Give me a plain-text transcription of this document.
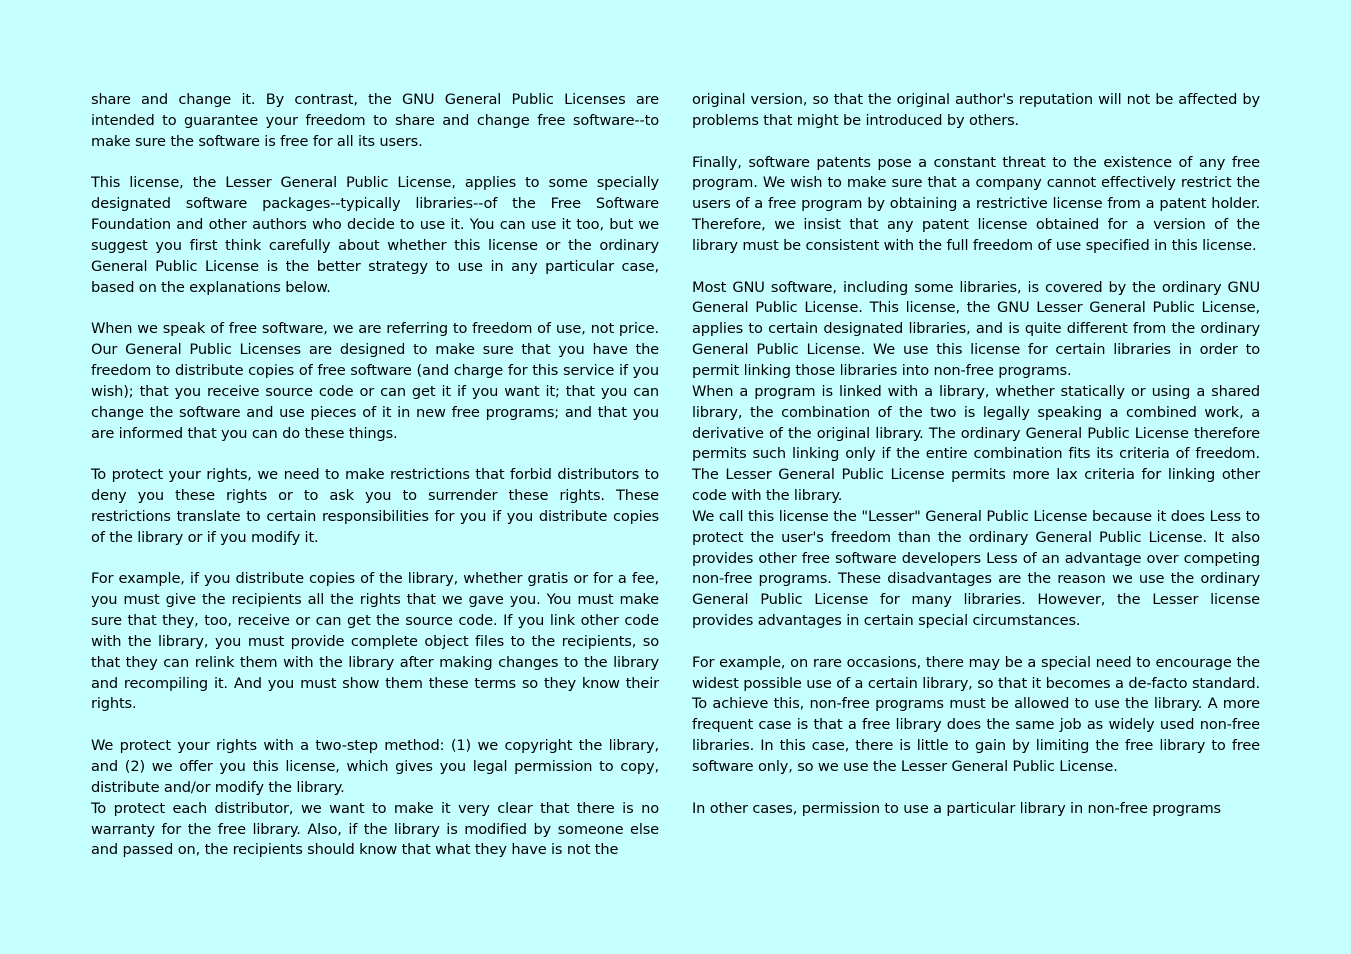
share and change it. By contrast, the GNU General Public Licenses are intended to guarantee your freedom to share and change free software--to make sure the software is free for all its users.

This license, the Lesser General Public License, applies to some specially designated software packages--typically libraries--of the Free Software Foundation and other authors who decide to use it. You can use it too, but we suggest you first think carefully about whether this license or the ordinary General Public License is the better strategy to use in any particular case, based on the explanations below.

When we speak of free software, we are referring to freedom of use, not price. Our General Public Licenses are designed to make sure that you have the freedom to distribute copies of free software (and charge for this service if you wish); that you receive source code or can get it if you want it; that you can change the software and use pieces of it in new free programs; and that you are informed that you can do these things.

To protect your rights, we need to make restrictions that forbid distributors to deny you these rights or to ask you to surrender these rights. These restrictions translate to certain responsibilities for you if you distribute copies of the library or if you modify it.

For example, if you distribute copies of the library, whether gratis or for a fee, you must give the recipients all the rights that we gave you. You must make sure that they, too, receive or can get the source code. If you link other code with the library, you must provide complete object files to the recipients, so that they can relink them with the library after making changes to the library and recompiling it. And you must show them these terms so they know their rights.

We protect your rights with a two-step method: (1) we copyright the library, and (2) we offer you this license, which gives you legal permission to copy, distribute and/or modify the library.

To protect each distributor, we want to make it very clear that there is no warranty for the free library. Also, if the library is modified by someone else and passed on, the recipients should know that what they have is not the

original version, so that the original author's reputation will not be affected by problems that might be introduced by others.

Finally, software patents pose a constant threat to the existence of any free program. We wish to make sure that a company cannot effectively restrict the users of a free program by obtaining a restrictive license from a patent holder. Therefore, we insist that any patent license obtained for a version of the library must be consistent with the full freedom of use specified in this license.

Most GNU software, including some libraries, is covered by the ordinary GNU General Public License. This license, the GNU Lesser General Public License, applies to certain designated libraries, and is quite different from the ordinary General Public License. We use this license for certain libraries in order to permit linking those libraries into non-free programs.

When a program is linked with a library, whether statically or using a shared library, the combination of the two is legally speaking a combined work, a derivative of the original library. The ordinary General Public License therefore permits such linking only if the entire combination fits its criteria of freedom. The Lesser General Public License permits more lax criteria for linking other code with the library.

We call this license the "Lesser" General Public License because it does Less to protect the user's freedom than the ordinary General Public License. It also provides other free software developers Less of an advantage over competing non-free programs. These disadvantages are the reason we use the ordinary General Public License for many libraries. However, the Lesser license provides advantages in certain special circumstances.

For example, on rare occasions, there may be a special need to encourage the widest possible use of a certain library, so that it becomes a de-facto standard. To achieve this, non-free programs must be allowed to use the library. A more frequent case is that a free library does the same job as widely used non-free libraries. In this case, there is little to gain by limiting the free library to free software only, so we use the Lesser General Public License.

In other cases, permission to use a particular library in non-free programs
